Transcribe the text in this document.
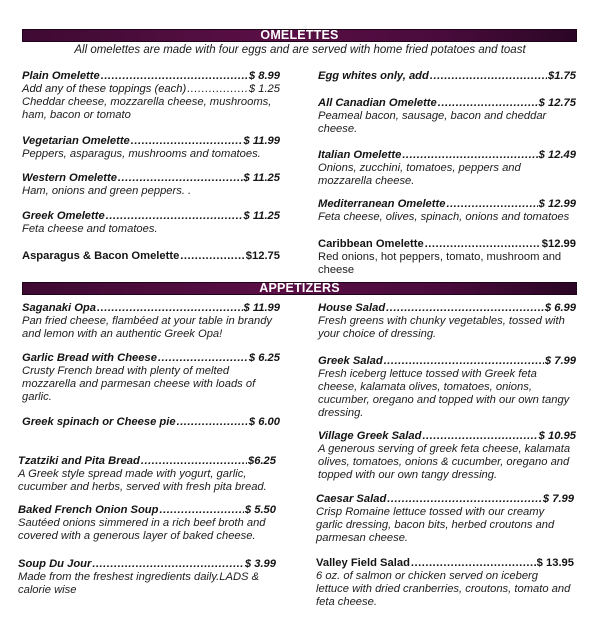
OMELETTES
All omelettes are made with four eggs and are served with home fried potatoes and toast
Plain Omelette .....	$ 8.99
Add any of these toppings (each) .....	$ 1.25
Cheddar cheese, mozzarella cheese, mushrooms, ham, bacon or tomato
Vegetarian Omelette .....	$ 11.99
Peppers, asparagus, mushrooms and tomatoes.
Western Omelette .....	$ 11.25
Ham, onions and green peppers. .
Greek Omelette .....	$ 11.25
Feta cheese and tomatoes.
Asparagus & Bacon Omelette .....	$12.75
Egg whites only, add .....	$1.75
All Canadian Omelette .....	$ 12.75
Peameal bacon, sausage, bacon and cheddar cheese.
Italian Omelette .....	$ 12.49
Onions, zucchini, tomatoes, peppers and mozzarella cheese.
Mediterranean Omelette .....	$ 12.99
Feta cheese, olives, spinach, onions and tomatoes
Caribbean Omelette .....	$12.99
Red onions, hot peppers, tomato, mushroom and cheese
APPETIZERS
Saganaki Opa .....	$ 11.99
Pan fried cheese, flambéed at your table in brandy and lemon with an authentic Greek Opa!
Garlic Bread with Cheese .....	$ 6.25
Crusty French bread with plenty of melted mozzarella and parmesan cheese with loads of garlic.
Greek spinach or Cheese pie .....	$ 6.00
Tzatziki and Pita Bread .....	$6.25
A Greek style spread made with yogurt, garlic, cucumber and herbs, served with fresh pita bread.
Baked French Onion Soup .....	$ 5.50
Sautéed onions simmered in a rich beef broth and covered with a generous layer of baked cheese.
Soup Du Jour .....	$ 3.99
Made from the freshest ingredients daily.LADS & calorie wise
House Salad .....	$ 6.99
Fresh greens with chunky vegetables, tossed with your choice of dressing.
Greek Salad .....	$ 7.99
Fresh iceberg lettuce tossed with Greek feta cheese, kalamata olives, tomatoes, onions, cucumber, oregano and topped with our own tangy dressing.
Village Greek Salad .....	$ 10.95
A generous serving of greek feta cheese, kalamata olives, tomatoes, onions & cucumber, oregano and topped with our own tangy dressing.
Caesar Salad .....	$ 7.99
Crisp Romaine lettuce tossed with our creamy garlic dressing, bacon bits, herbed croutons and parmesan cheese.
Valley Field Salad .....	$ 13.95
6 oz. of salmon or chicken served on iceberg lettuce with dried cranberries, croutons, tomato and feta cheese.
